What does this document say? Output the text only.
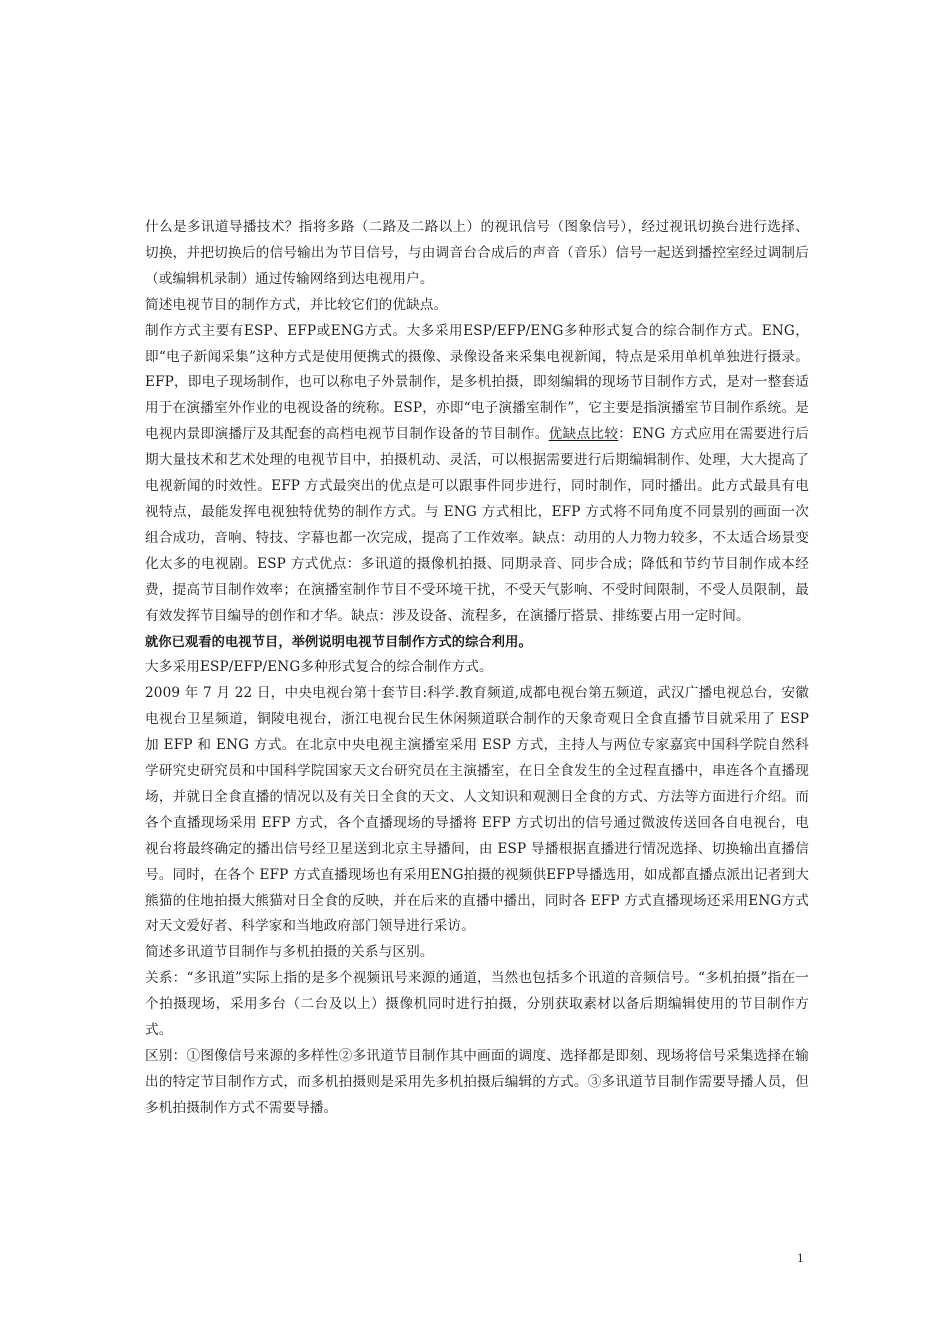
什么是多讯道导播技术？指将多路（二路及二路以上）的视讯信号（图象信号），经过视讯切换台进行选择、切换，并把切换后的信号输出为节目信号，与由调音台合成后的声音（音乐）信号一起送到播控室经过调制后（或编辑机录制）通过传输网络到达电视用户。

简述电视节目的制作方式，并比较它们的优缺点。

制作方式主要有ESP、EFP或ENG方式。大多采用ESP/EFP/ENG多种形式复合的综合制作方式。ENG，即“电子新闻采集”这种方式是使用便携式的摄像、录像设备来采集电视新闻，特点是采用单机单独进行摄录。EFP，即电子现场制作，也可以称电子外景制作，是多机拍摄，即刻编辑的现场节目制作方式，是对一整套适用于在演播室外作业的电视设备的统称。ESP，亦即“电子演播室制作”，它主要是指演播室节目制作系统。是电视内景即演播厅及其配套的高档电视节目制作设备的节目制作。优缺点比较：ENG 方式应用在需要进行后期大量技术和艺术处理的电视节目中，拍摄机动、灵活，可以根据需要进行后期编辑制作、处理，大大提高了电视新闻的时效性。EFP 方式最突出的优点是可以跟事件同步进行，同时制作，同时播出。此方式最具有电视特点，最能发挥电视独特优势的制作方式。与 ENG 方式相比，EFP 方式将不同角度不同景别的画面一次组合成功，音响、特技、字幕也都一次完成，提高了工作效率。缺点：动用的人力物力较多，不太适合场景变化太多的电视剧。ESP 方式优点：多讯道的摄像机拍摄、同期录音、同步合成；降低和节约节目制作成本经费，提高节目制作效率；在演播室制作节目不受环境干扰，不受天气影响、不受时间限制，不受人员限制，最有效发挥节目编导的创作和才华。缺点：涉及设备、流程多，在演播厅搭景、排练要占用一定时间。

就你已观看的电视节目，举例说明电视节目制作方式的综合利用。

大多采用ESP/EFP/ENG多种形式复合的综合制作方式。

2009 年 7 月 22 日，中央电视台第十套节目:科学.教育频道,成都电视台第五频道，武汉广播电视总台，安徽电视台卫星频道，铜陵电视台，浙江电视台民生休闲频道联合制作的天象奇观日全食直播节目就采用了 ESP 加 EFP 和 ENG 方式。在北京中央电视主演播室采用 ESP 方式，主持人与两位专家嘉宾中国科学院自然科学研究史研究员和中国科学院国家天文台研究员在主演播室，在日全食发生的全过程直播中，串连各个直播现场，并就日全食直播的情况以及有关日全食的天文、人文知识和观测日全食的方式、方法等方面进行介绍。而各个直播现场采用 EFP 方式，各个直播现场的导播将 EFP 方式切出的信号通过微波传送回各自电视台，电视台将最终确定的播出信号经卫星送到北京主导播间，由 ESP 导播根据直播进行情况选择、切换输出直播信号。同时，在各个 EFP 方式直播现场也有采用ENG拍摄的视频供EFP导播选用，如成都直播点派出记者到大熊猫的住地拍摄大熊猫对日全食的反映，并在后来的直播中播出，同时各 EFP 方式直播现场还采用ENG方式对天文爱好者、科学家和当地政府部门领导进行采访。

简述多讯道节目制作与多机拍摄的关系与区别。

关系：“多讯道”实际上指的是多个视频讯号来源的通道，当然也包括多个讯道的音频信号。“多机拍摄”指在一个拍摄现场，采用多台（二台及以上）摄像机同时进行拍摄，分别获取素材以备后期编辑使用的节目制作方式。

区别：①图像信号来源的多样性②多讯道节目制作其中画面的调度、选择都是即刻、现场将信号采集选择在输出的特定节目制作方式，而多机拍摄则是采用先多机拍摄后编辑的方式。③多讯道节目制作需要导播人员，但多机拍摄制作方式不需要导播。

1
